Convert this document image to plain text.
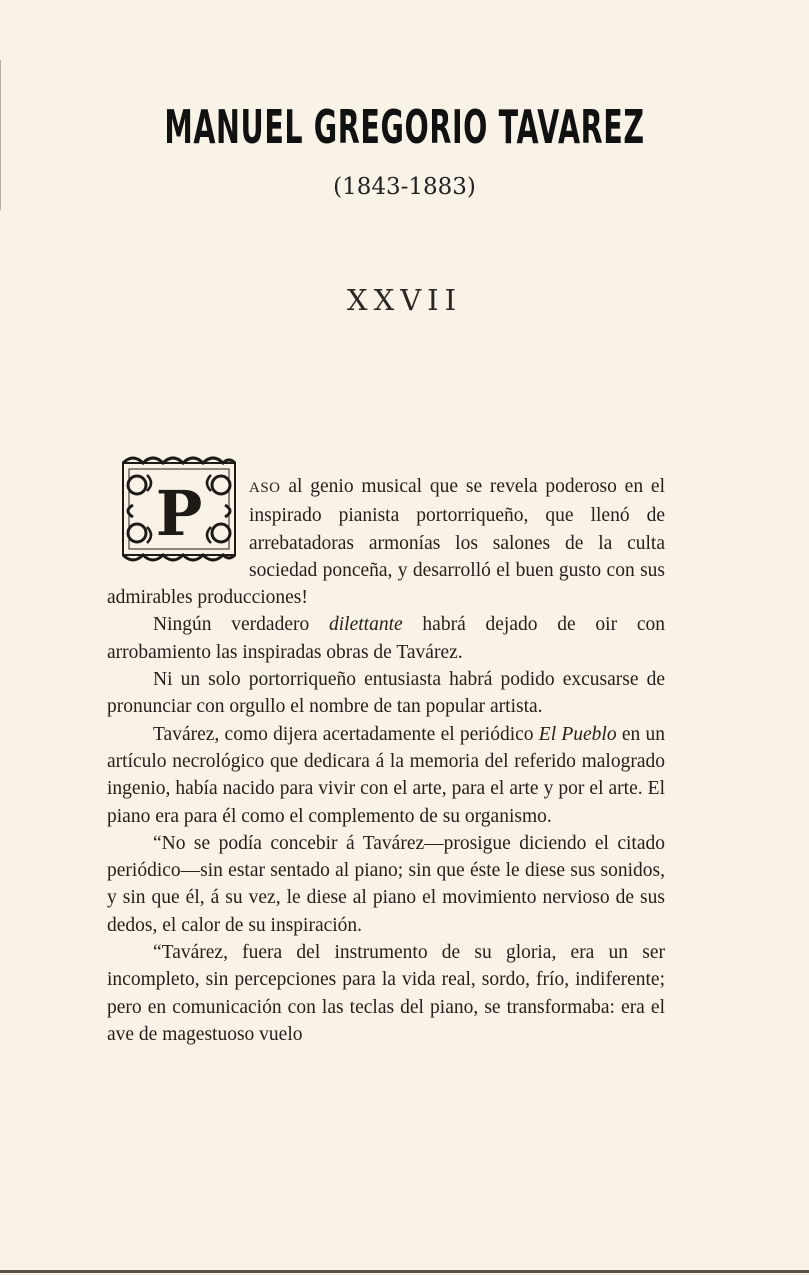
MANUEL GREGORIO TAVAREZ
(1843-1883)
XXVII

P	ASO al genio musical que se revela poderoso en el inspirado pianista portorriqueño, que llenó de arrebatadoras armonías los salones de la culta sociedad ponceña, y desarrolló el buen gusto con sus admirables producciones!

Ningún verdadero dilettante habrá dejado de oir con arrobamiento las inspiradas obras de Tavárez.

Ni un solo portorriqueño entusiasta habrá podido excusarse de pronunciar con orgullo el nombre de tan popular artista.

Tavárez, como dijera acertadamente el periódico El Pueblo en un artículo necrológico que dedicara á la memoria del referido malogrado ingenio, había nacido para vivir con el arte, para el arte y por el arte. El piano era para él como el complemento de su organismo.

“No se podía concebir á Tavárez—prosigue diciendo el citado periódico—sin estar sentado al piano; sin que éste le diese sus sonidos, y sin que él, á su vez, le diese al piano el movimiento nervioso de sus dedos, el calor de su inspiración.

“Tavárez, fuera del instrumento de su gloria, era un ser incompleto, sin percepciones para la vida real, sordo, frío, indiferente; pero en comunicación con las teclas del piano, se transformaba: era el ave de magestuoso vuelo
